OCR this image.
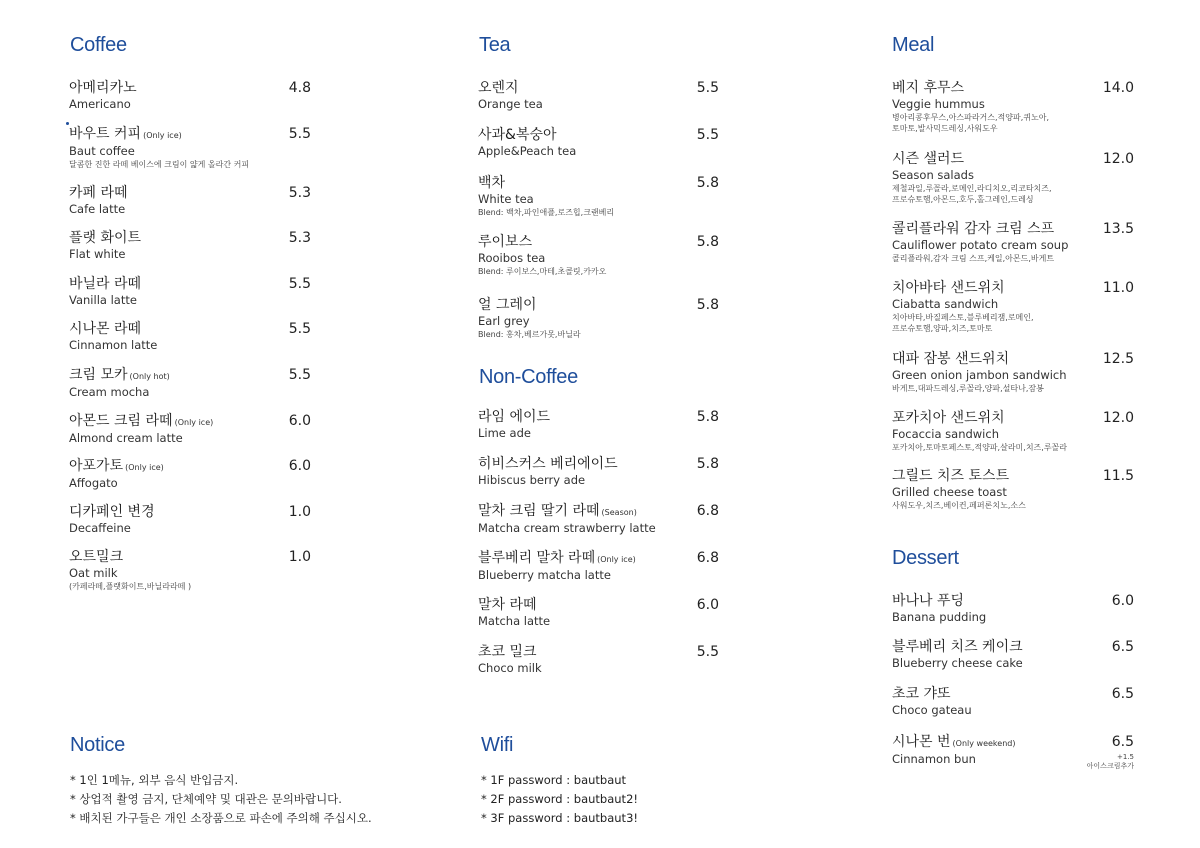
Coffee	Tea
Non-Coffee
Meal
Dessert
Notice	Wifi
아메리카노
Americano
4.8
바우트 커피 (Only ice)
Baut coffee
달콤한 진한 라떼 베이스에 크림이 얇게 올라간 커피
5.5
카페 라떼
Cafe latte
5.3
플랫 화이트
Flat white
5.3
바닐라 라떼
Vanilla latte
5.5
시나몬 라떼
Cinnamon latte
5.5
크림 모카 (Only hot)
Cream mocha
5.5
아몬드 크림 라떼 (Only ice)
Almond cream latte
6.0
아포가토 (Only ice)
Affogato
6.0
디카페인 변경
Decaffeine
1.0
오트밀크
Oat milk
(카페라떼,플랫화이트,바닐라라떼 )
1.0
오렌지
Orange tea
5.5
사과&복숭아
Apple&Peach tea
5.5
백차
White tea
Blend: 백차,파인애플,로즈힙,크랜베리
5.8
루이보스
Rooibos tea
Blend: 루이보스,마테,초콜릿,카카오
5.8
얼 그레이
Earl grey
Blend: 홍차,베르가못,바닐라
5.8
라임 에이드
Lime ade
5.8
히비스커스 베리에이드
Hibiscus berry ade
5.8
말차 크림 딸기 라떼 (Season)
Matcha cream strawberry latte
6.8
블루베리 말차 라떼 (Only ice)
Blueberry matcha latte
6.8
말차 라떼
Matcha latte
6.0
초코 밀크
Choco milk
5.5
베지 후무스
Veggie hummus
병아리콩후무스,아스파라거스,적양파,퀴노아,
토마토,발사믹드레싱,사워도우
14.0
시즌 샐러드
Season salads
제철과일,루꼴라,로메인,라디치오,리코타치즈,
프로슈토햄,아몬드,호두,홀그레인,드레싱
12.0
콜리플라워 감자 크림 스프
Cauliflower potato cream soup
콜리플라워,감자 크림 스프,케일,아몬드,바게트
13.5
치아바타 샌드위치
Ciabatta sandwich
치아바타,바질페스토,블루베리잼,로메인,
프로슈토햄,양파,치즈,토마토
11.0
대파 잠봉 샌드위치
Green onion jambon sandwich
바게트,대파드레싱,루꼴라,양파,설타나,잠봉
12.5
포카치아 샌드위치
Focaccia sandwich
포카치아,토마토페스토,적양파,살라미,치즈,루꼴라
12.0
그릴드 치즈 토스트
Grilled cheese toast
사워도우,치즈,베이컨,페퍼론치노,소스
11.5
바나나 푸딩
Banana pudding
6.0
블루베리 치즈 케이크
Blueberry cheese cake
6.5
초코 갸또
Choco gateau
6.5
시나몬 번 (Only weekend)
Cinnamon bun
6.5
+1.5
아이스크림추가
* 1인 1메뉴, 외부 음식 반입금지.
* 상업적 촬영 금지, 단체예약 및 대관은 문의바랍니다.
* 배치된 가구들은 개인 소장품으로 파손에 주의해 주십시오.
* 1F password : bautbaut
* 2F password : bautbaut2!
* 3F password : bautbaut3!
